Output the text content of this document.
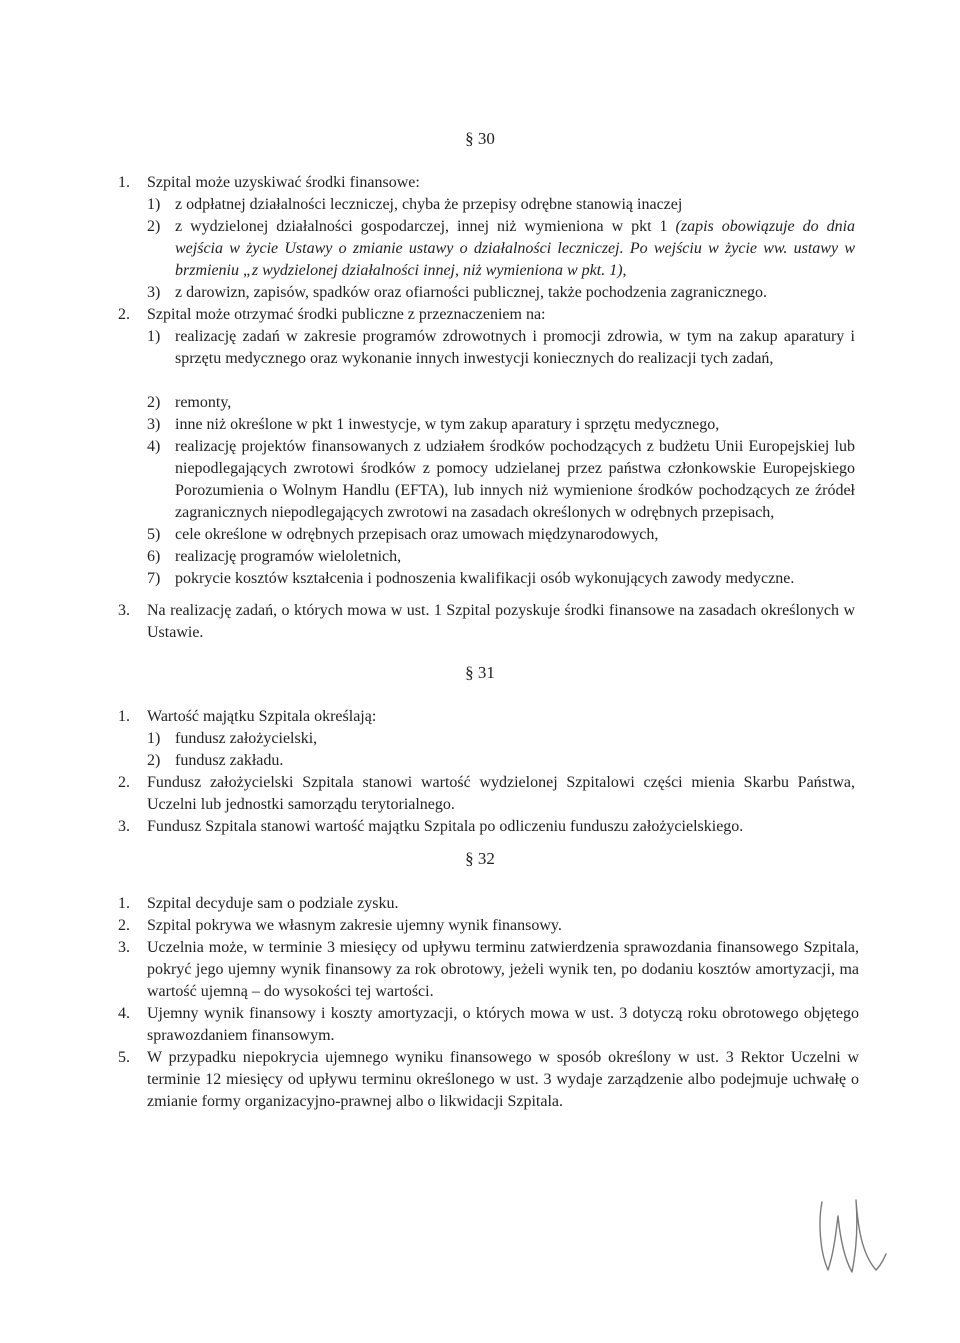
§ 30
1.	Szpital może uzyskiwać środki finansowe:
1) z odpłatnej działalności leczniczej, chyba że przepisy odrębne stanowią inaczej
2) z wydzielonej działalności gospodarczej, innej niż wymieniona w pkt 1 (zapis obowiązuje do dnia wejścia w życie Ustawy o zmianie ustawy o działalności leczniczej. Po wejściu w życie ww. ustawy w brzmieniu „z wydzielonej działalności innej, niż wymieniona w pkt. 1),
3) z darowizn, zapisów, spadków oraz ofiarności publicznej, także pochodzenia zagranicznego.
2.	Szpital może otrzymać środki publiczne z przeznaczeniem na:
1) realizację zadań w zakresie programów zdrowotnych i promocji zdrowia, w tym na zakup aparatury i sprzętu medycznego oraz wykonanie innych inwestycji koniecznych do realizacji tych zadań,
2) remonty,
3) inne niż określone w pkt 1 inwestycje, w tym zakup aparatury i sprzętu medycznego,
4) realizację projektów finansowanych z udziałem środków pochodzących z budżetu Unii Europejskiej lub niepodlegających zwrotowi środków z pomocy udzielanej przez państwa członkowskie Europejskiego Porozumienia o Wolnym Handlu (EFTA), lub innych niż wymienione środków pochodzących ze źródeł zagranicznych niepodlegających zwrotowi na zasadach określonych w odrębnych przepisach,
5) cele określone w odrębnych przepisach oraz umowach międzynarodowych,
6) realizację programów wieloletnich,
7) pokrycie kosztów kształcenia i podnoszenia kwalifikacji osób wykonujących zawody medyczne.
3.	Na realizację zadań, o których mowa w ust. 1 Szpital pozyskuje środki finansowe na zasadach określonych w Ustawie.
§ 31
1.	Wartość majątku Szpitala określają:
1) fundusz założycielski,
2) fundusz zakładu.
2.	Fundusz założycielski Szpitala stanowi wartość wydzielonej Szpitalowi części mienia Skarbu Państwa, Uczelni lub jednostki samorządu terytorialnego.
3.	Fundusz Szpitala stanowi wartość majątku Szpitala po odliczeniu funduszu założycielskiego.
§ 32
1.	Szpital decyduje sam o podziale zysku.
2.	Szpital pokrywa we własnym zakresie ujemny wynik finansowy.
3.	Uczelnia może, w terminie 3 miesięcy od upływu terminu zatwierdzenia sprawozdania finansowego Szpitala, pokryć jego ujemny wynik finansowy za rok obrotowy, jeżeli wynik ten, po dodaniu kosztów amortyzacji, ma wartość ujemną – do wysokości tej wartości.
4.	Ujemny wynik finansowy i koszty amortyzacji, o których mowa w ust. 3 dotyczą roku obrotowego objętego sprawozdaniem finansowym.
5.	W przypadku niepokrycia ujemnego wyniku finansowego w sposób określony w ust. 3 Rektor Uczelni w terminie 12 miesięcy od upływu terminu określonego w ust. 3 wydaje zarządzenie albo podejmuje uchwałę o zmianie formy organizacyjno-prawnej albo o likwidacji Szpitala.
